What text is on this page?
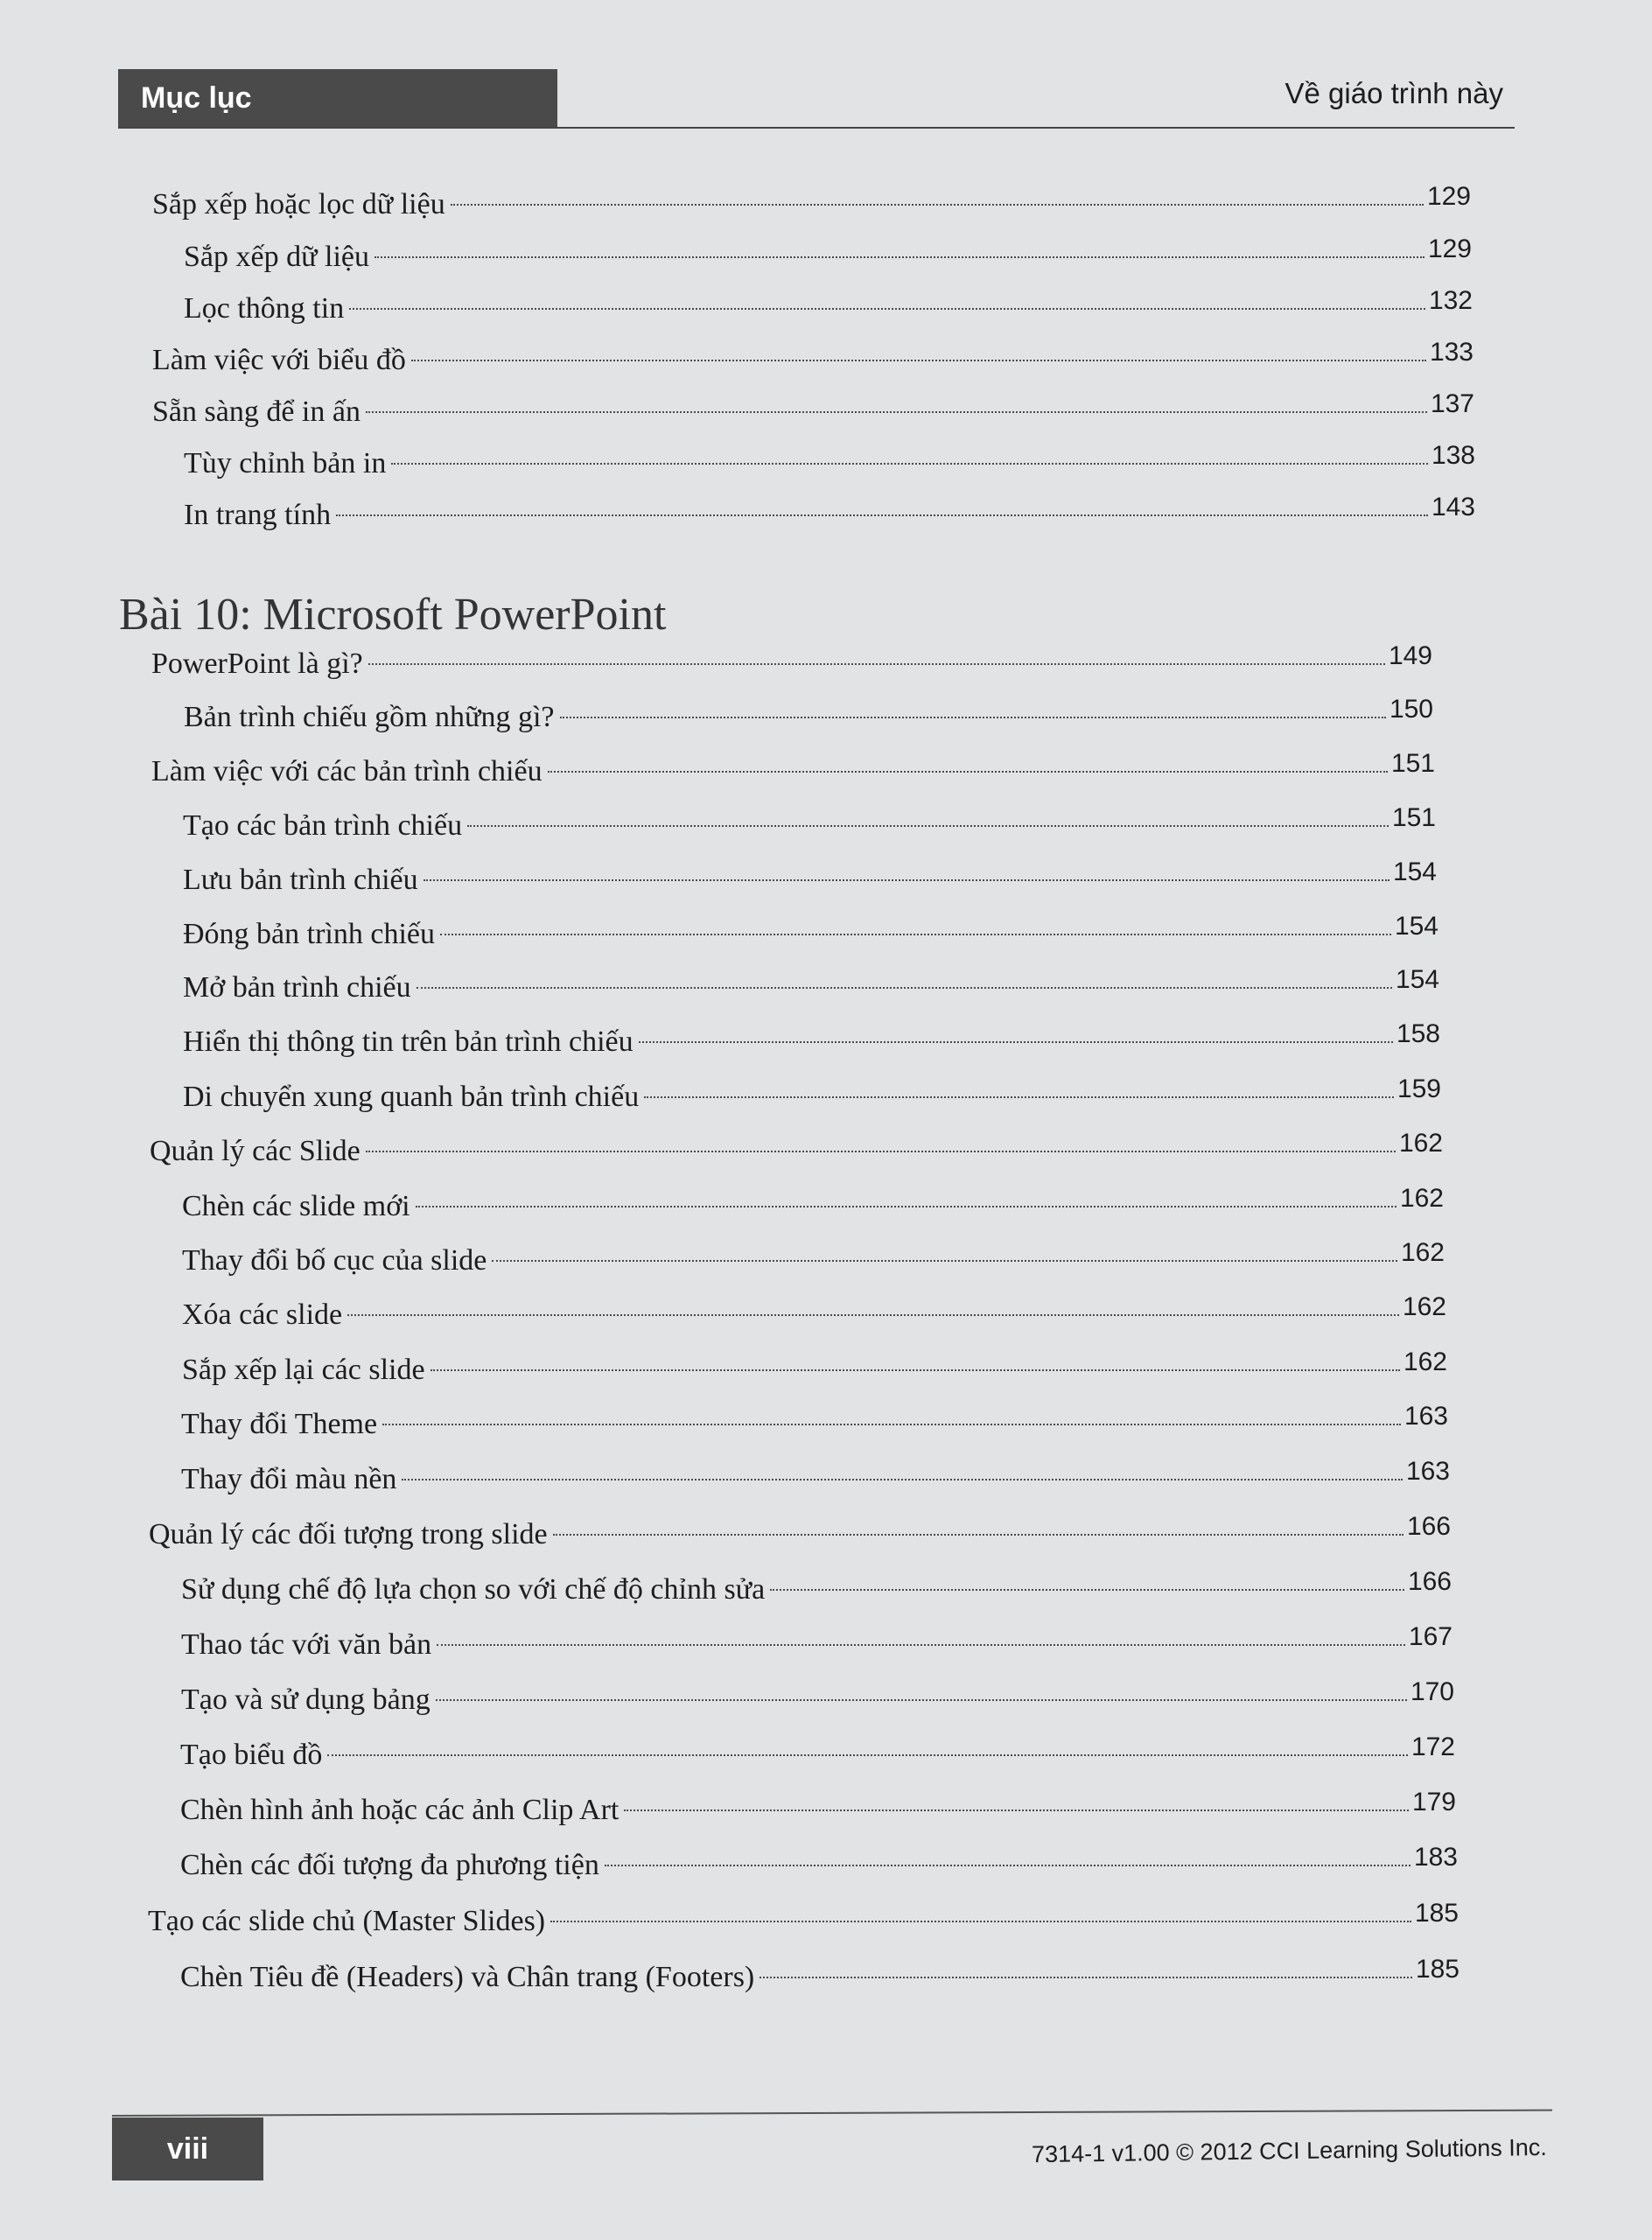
Mục lục	Về giáo trình này
Bài 10: Microsoft PowerPoint
Sắp xếp hoặc lọc dữ liệu	129
Sắp xếp dữ liệu	129
Lọc thông tin	132
Làm việc với biểu đồ	133
Sẵn sàng để in ấn	137
Tùy chỉnh bản in	138
In trang tính	143
PowerPoint là gì?	149
Bản trình chiếu gồm những gì?	150
Làm việc với các bản trình chiếu	151
Tạo các bản trình chiếu	151
Lưu bản trình chiếu	154
Đóng bản trình chiếu	154
Mở bản trình chiếu	154
Hiển thị thông tin trên bản trình chiếu	158
Di chuyển xung quanh bản trình chiếu	159
Quản lý các Slide	162
Chèn các slide mới	162
Thay đổi bố cục của slide	162
Xóa các slide	162
Sắp xếp lại các slide	162
Thay đổi Theme	163
Thay đổi màu nền	163
Quản lý các đối tượng trong slide	166
Sử dụng chế độ lựa chọn so với chế độ chỉnh sửa	166
Thao tác với văn bản	167
Tạo và sử dụng bảng	170
Tạo biểu đồ	172
Chèn hình ảnh hoặc các ảnh Clip Art	179
Chèn các đối tượng đa phương tiện	183
Tạo các slide chủ (Master Slides)	185
Chèn Tiêu đề (Headers) và Chân trang (Footers)	185
viii	7314-1 v1.00 © 2012 CCI Learning Solutions Inc.
